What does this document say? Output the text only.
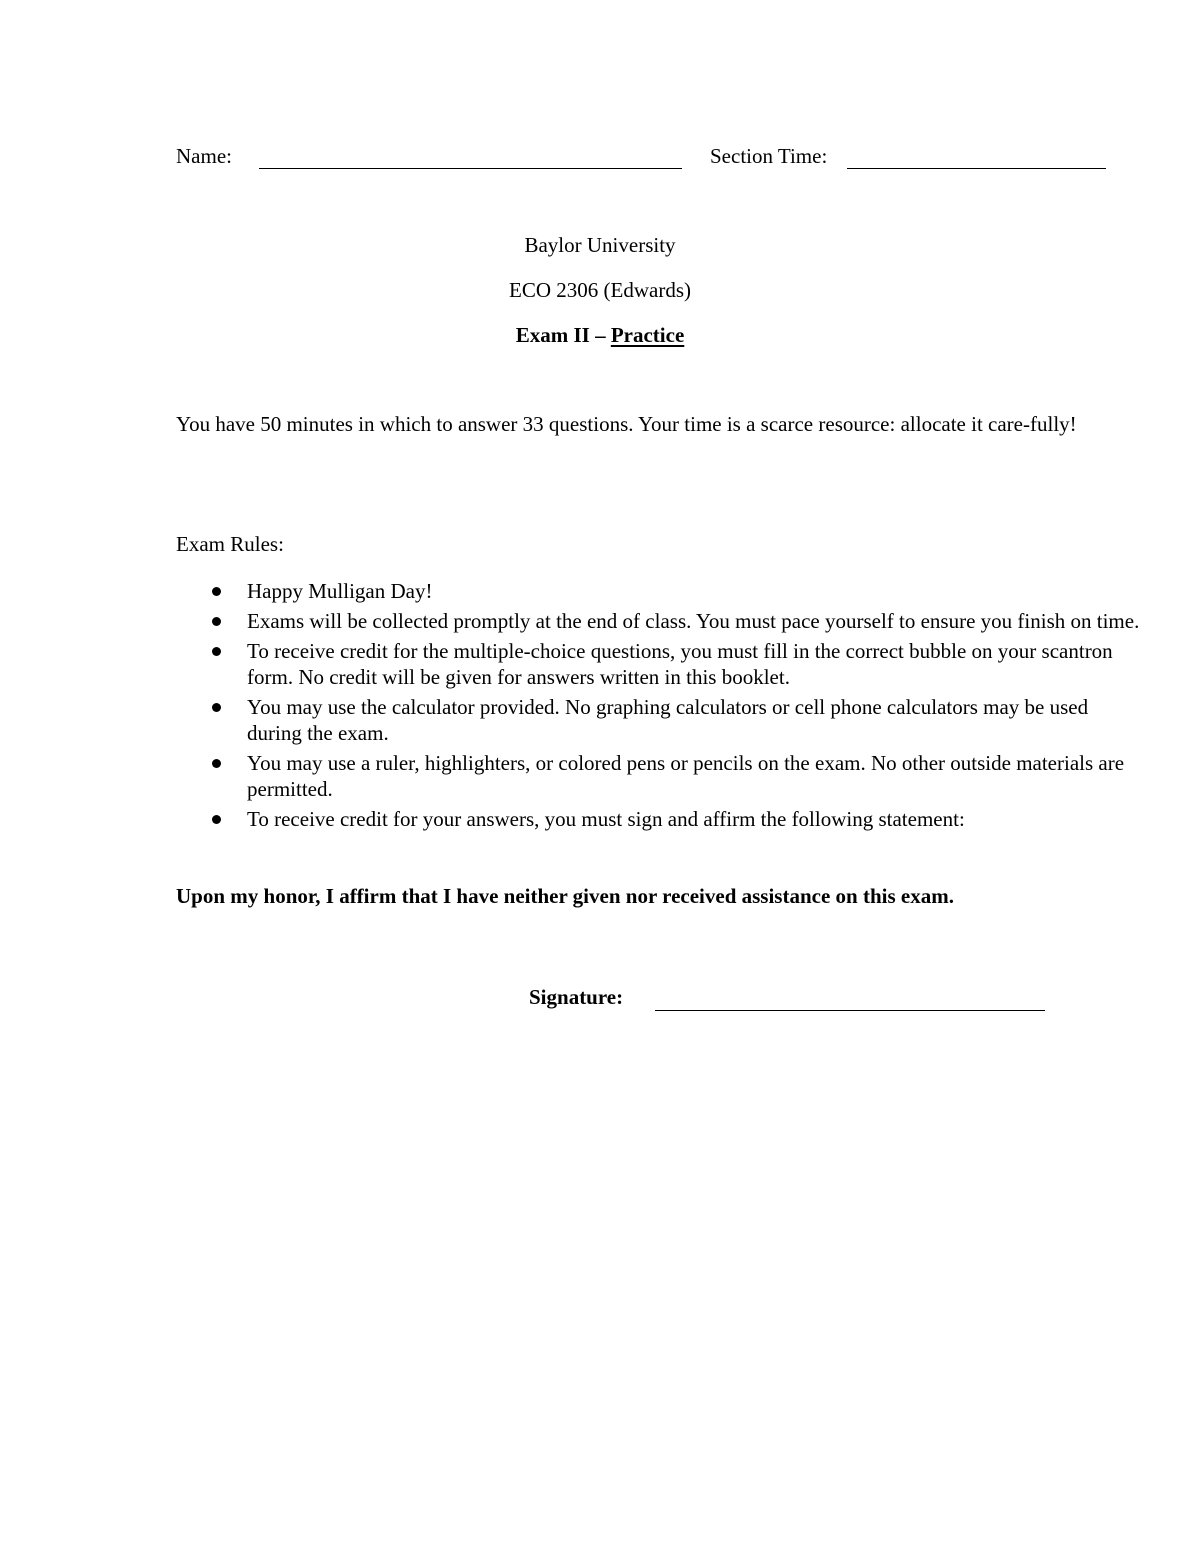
Name:	Section Time:
Baylor University
ECO 2306 (Edwards)
Exam II – Practice
You have 50 minutes in which to answer 33 questions. Your time is a scarce resource: allocate it care-fully!
Exam Rules:
Happy Mulligan Day!
Exams will be collected promptly at the end of class. You must pace yourself to ensure you finish on time.
To receive credit for the multiple-choice questions, you must fill in the correct bubble on your scantron form. No credit will be given for answers written in this booklet.
You may use the calculator provided. No graphing calculators or cell phone calculators may be used during the exam.
You may use a ruler, highlighters, or colored pens or pencils on the exam. No other outside materials are permitted.
To receive credit for your answers, you must sign and affirm the following statement:
Upon my honor, I affirm that I have neither given nor received assistance on this exam.
Signature:
